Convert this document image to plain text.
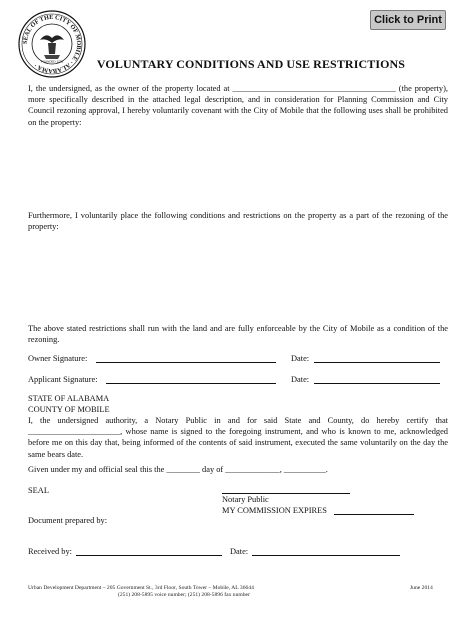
SEAL OF THE CITY OF MOBILE · ALABAMA ·
FOUNDED 1702
Click to Print
VOLUNTARY CONDITIONS AND USE RESTRICTIONS
I, the undersigned, as the owner of the property located at _______________________________________ (the property), more specifically described in the attached legal description, and in consideration for Planning Commission and City Council rezoning approval, I hereby voluntarily covenant with the City of Mobile that the following uses shall be prohibited on the property:
Furthermore, I voluntarily place the following conditions and restrictions on the property as a part of the rezoning of the property:
The above stated restrictions shall run with the land and are fully enforceable by the City of Mobile as a condition of the rezoning.
Owner Signature:	Date:
Applicant Signature:	Date:
STATE OF ALABAMA
COUNTY OF MOBILE
I, the undersigned authority, a Notary Public in and for said State and County, do hereby certify that ______________________, whose name is signed to the foregoing instrument, and who is known to me, acknowledged before me on this day that, being informed of the contents of said instrument, executed the same voluntarily on the day the same bears date.
Given under my and official seal this the ________ day of _____________, __________.
SEAL
Notary Public
MY COMMISSION EXPIRES
Document prepared by:
Received by:	Date:
Urban Development Department – 205 Government St., 3rd Floor, South Tower – Mobile, AL 36644
(251) 208-5895 voice number; (251) 208-5896 fax number
June 2014
